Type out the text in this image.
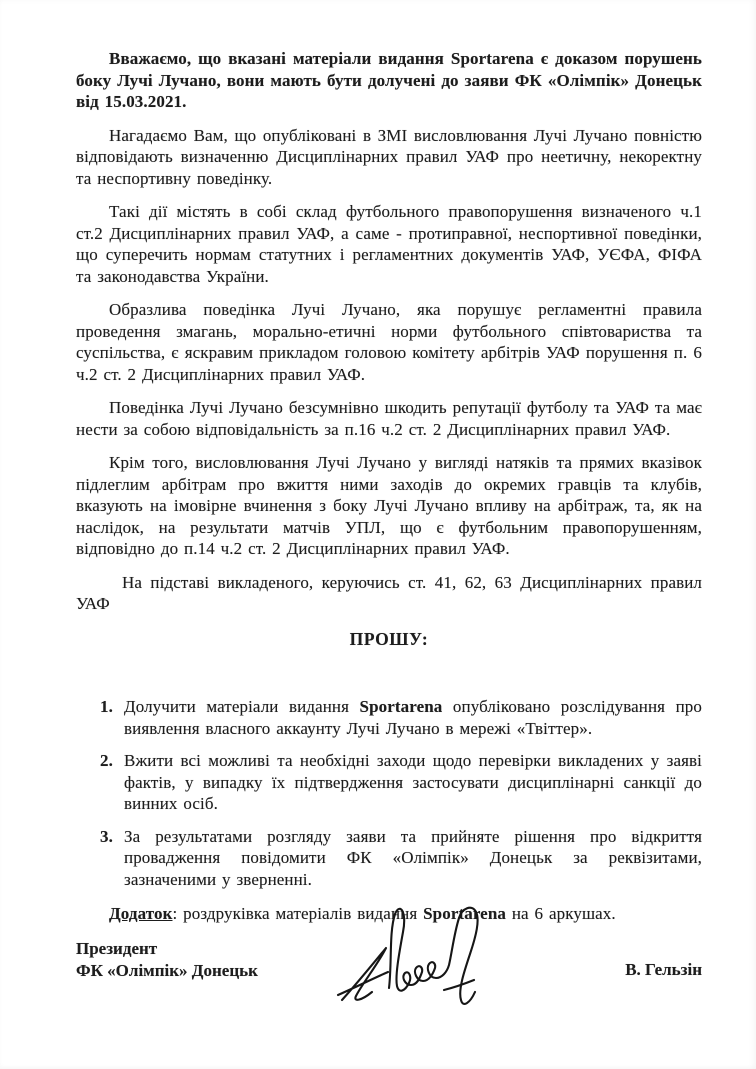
Вважаємо, що вказані матеріали видання Sportarena є доказом порушень боку Лучі Лучано, вони мають бути долучені до заяви ФК «Олімпік» Донецьк від 15.03.2021.

Нагадаємо Вам, що опубліковані в ЗМІ висловлювання Лучі Лучано повністю відповідають визначенню Дисциплінарних правил УАФ про неетичну, некоректну та неспортивну поведінку.

Такі дії містять в собі склад футбольного правопорушення визначеного ч.1 ст.2 Дисциплінарних правил УАФ, а саме - протиправної, неспортивної поведінки, що суперечить нормам статутних і регламентних документів УАФ, УЄФА, ФІФА та законодавства України.

Образлива поведінка Лучі Лучано, яка порушує регламентні правила проведення змагань, морально-етичні норми футбольного співтовариства та суспільства, є яскравим прикладом головою комітету арбітрів УАФ порушення п. 6 ч.2 ст. 2 Дисциплінарних правил УАФ.

Поведінка Лучі Лучано безсумнівно шкодить репутації футболу та УАФ та має нести за собою відповідальність за п.16 ч.2 ст. 2 Дисциплінарних правил УАФ.

Крім того, висловлювання Лучі Лучано у вигляді натяків та прямих вказівок підлеглим арбітрам про вжиття ними заходів до окремих гравців та клубів, вказують на імовірне вчинення з боку Лучі Лучано впливу на арбітраж, та, як на наслідок, на результати матчів УПЛ, що є футбольним правопорушенням, відповідно до п.14 ч.2 ст. 2 Дисциплінарних правил УАФ.

На підставі викладеного, керуючись ст. 41, 62, 63 Дисциплінарних правил УАФ

ПРОШУ:
1. Долучити матеріали видання Sportarena опубліковано розслідування про виявлення власного аккаунту Лучі Лучано в мережі «Твіттер».
2. Вжити всі можливі та необхідні заходи щодо перевірки викладених у заяві фактів, у випадку їх підтвердження застосувати дисциплінарні санкції до винних осіб.
3. За результатами розгляду заяви та прийняте рішення про відкриття провадження повідомити ФК «Олімпік» Донецьк за реквізитами, зазначеними у зверненні.

Додаток: роздруківка матеріалів видання Sportarena на 6 аркушах.

Президент
ФК «Олімпік» Донецьк	В. Гельзін
